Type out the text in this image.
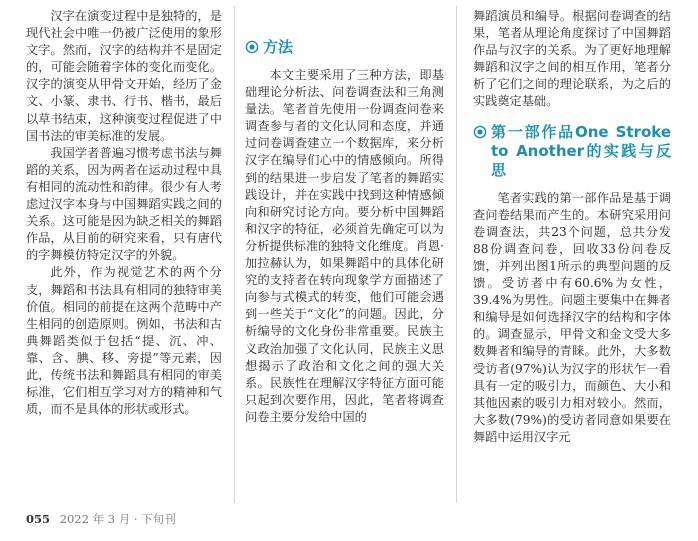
汉字在演变过程中是独特的，是现代社会中唯一仍被广泛使用的象形文字。然而，汉字的结构并不是固定的，可能会随着字体的变化而变化。汉字的演变从甲骨文开始，经历了金文、小篆、隶书、行书、楷书，最后以草书结束，这种演变过程促进了中国书法的审美标准的发展。

我国学者普遍习惯考虑书法与舞蹈的关系，因为两者在运动过程中具有相同的流动性和韵律。很少有人考虑过汉字本身与中国舞蹈实践之间的关系。这可能是因为缺乏相关的舞蹈作品，从目前的研究来看，只有唐代的字舞模仿特定汉字的外貌。

此外，作为视觉艺术的两个分支，舞蹈和书法具有相同的独特审美价值。相同的前提在这两个范畴中产生相同的创造原则。例如，书法和古典舞蹈类似于包括“提、沉、冲、靠、含、腆、移、旁提”等元素，因此，传统书法和舞蹈具有相同的审美标准，它们相互学习对方的精神和气质，而不是具体的形状或形式。

方法

本文主要采用了三种方法，即基础理论分析法、问卷调查法和三角测量法。笔者首先使用一份调查问卷来调查参与者的文化认同和态度，并通过问卷调查建立一个数据库，来分析汉字在编导们心中的情感倾向。所得到的结果进一步启发了笔者的舞蹈实践设计，并在实践中找到这种情感倾向和研究讨论方向。要分析中国舞蹈和汉字的特征，必须首先确定可以为分析提供标准的独特文化维度。肖恩·加拉赫认为，如果舞蹈中的具体化研究的支持者在转向现象学方面描述了向参与式模式的转变，他们可能会遇到一些关于“文化”的问题。因此，分析编导的文化身份非常重要。民族主义政治加强了文化认同，民族主义思想揭示了政治和文化之间的强大关系。民族性在理解汉字特征方面可能只起到次要作用，因此，笔者将调查问卷主要分发给中国的

舞蹈演员和编导。根据问卷调查的结果，笔者从理论角度探讨了中国舞蹈作品与汉字的关系。为了更好地理解舞蹈和汉字之间的相互作用，笔者分析了它们之间的理论联系，为之后的实践奠定基础。

第一部作品One Stroke to Another的实践与反思

笔者实践的第一部作品是基于调查问卷结果而产生的。本研究采用问卷调查法，共23个问题，总共分发88份调查问卷，回收33份问卷反馈，并列出图1所示的典型问题的反馈。受访者中有60.6%为女性，39.4%为男性。问题主要集中在舞者和编导是如何选择汉字的结构和字体的。调查显示，甲骨文和金文受大多数舞者和编导的青睐。此外，大多数受访者(97%)认为汉字的形状乍一看具有一定的吸引力，而颜色、大小和其他因素的吸引力相对较小。然而，大多数(79%)的受访者同意如果要在舞蹈中运用汉字元

055 2022 年 3 月 · 下旬刊
